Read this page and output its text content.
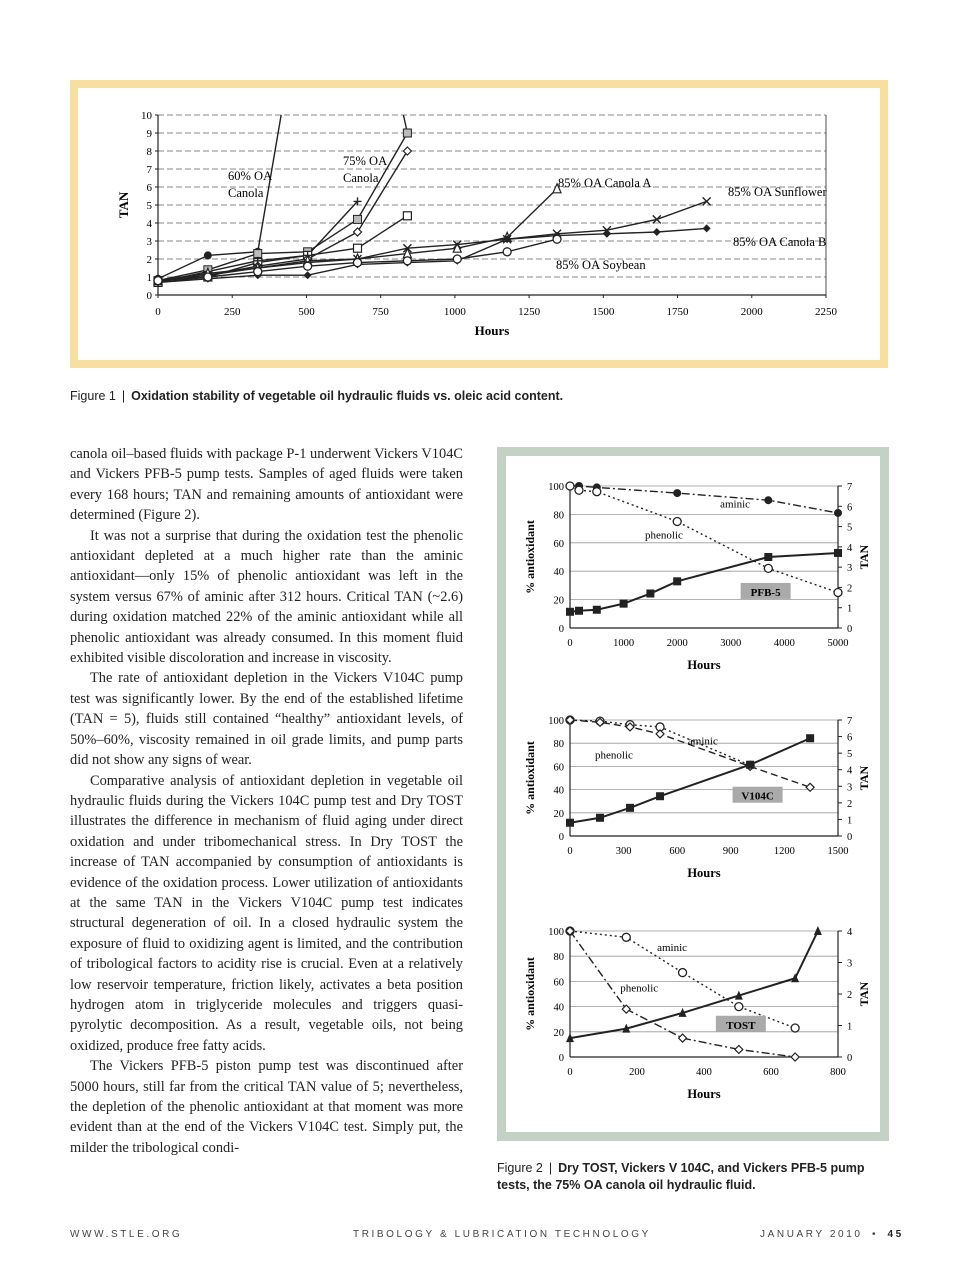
0
1
2
3
4
5
6
7
8
9
10
0	250	500	750	1000	1250	1500	1750	2000	2250
Hours
TAN
60% OA
Canola
75% OA
Canola	85% OA Canola A
85% OA Sunflower
85% OA Canola B
85% OA Soybean
Figure 1 | Oxidation stability of vegetable oil hydraulic fluids vs. oleic acid content.

canola oil–based fluids with package P-1 underwent Vickers V104C and Vickers PFB-5 pump tests. Samples of aged fluids were taken every 168 hours; TAN and remaining amounts of antioxidant were determined (Figure 2).

It was not a surprise that during the oxidation test the phenolic antioxidant depleted at a much higher rate than the aminic antioxidant—only 15% of phenolic antioxidant was left in the system versus 67% of aminic after 312 hours. Critical TAN (~2.6) during oxidation matched 22% of the aminic antioxidant while all phenolic antioxidant was already consumed. In this moment fluid exhibited visible discoloration and increase in viscosity.

The rate of antioxidant depletion in the Vickers V104C pump test was significantly lower. By the end of the established lifetime (TAN = 5), fluids still contained “healthy” antioxidant levels, of 50%–60%, viscosity remained in oil grade limits, and pump parts did not show any signs of wear.

Comparative analysis of antioxidant depletion in vegetable oil hydraulic fluids during the Vickers 104C pump test and Dry TOST illustrates the difference in mechanism of fluid aging under direct oxidation and under tribomechanical stress. In Dry TOST the increase of TAN accompanied by consumption of antioxidants is evidence of the oxidation process. Lower utilization of antioxidants at the same TAN in the Vickers V104C pump test indicates structural degeneration of oil. In a closed hydraulic system the exposure of fluid to oxidizing agent is limited, and the contribution of tribological factors to acidity rise is crucial. Even at a relatively low reservoir temperature, friction likely, activates a beta position hydrogen atom in triglyceride molecules and triggers quasi-pyrolytic decomposition. As a result, vegetable oils, not being oxidized, produce free fatty acids.

The Vickers PFB-5 piston pump test was discontinued after 5000 hours, still far from the critical TAN value of 5; nevertheless, the depletion of the phenolic antioxidant at that moment was more evident than at the end of the Vickers V104C test. Simply put, the milder the tribological condi-

0
20
40
60
80
100
0
1
2
3
4
5
6
7
0	1000	2000	3000	4000	5000
Hours
% antioxidant	TAN
aminic
phenolic
PFB-5
0
20
40
60
80
100
0
1
2
3
4
5
6
7
0	300	600	900	1200	1500
Hours
% antioxidant	TAN
aminic
phenolic
V104C
0
20
40
60
80
100
0
1
2
3
4
0	200	400	600	800
Hours
% antioxidant	TAN
aminic
phenolic
TOST
Figure 2 | Dry TOST, Vickers V 104C, and Vickers PFB-5 pump tests, the 75% OA canola oil hydraulic fluid.
WWW.STLE.ORG	TRIBOLOGY & LUBRICATION TECHNOLOGY	JANUARY 2010 • 45
